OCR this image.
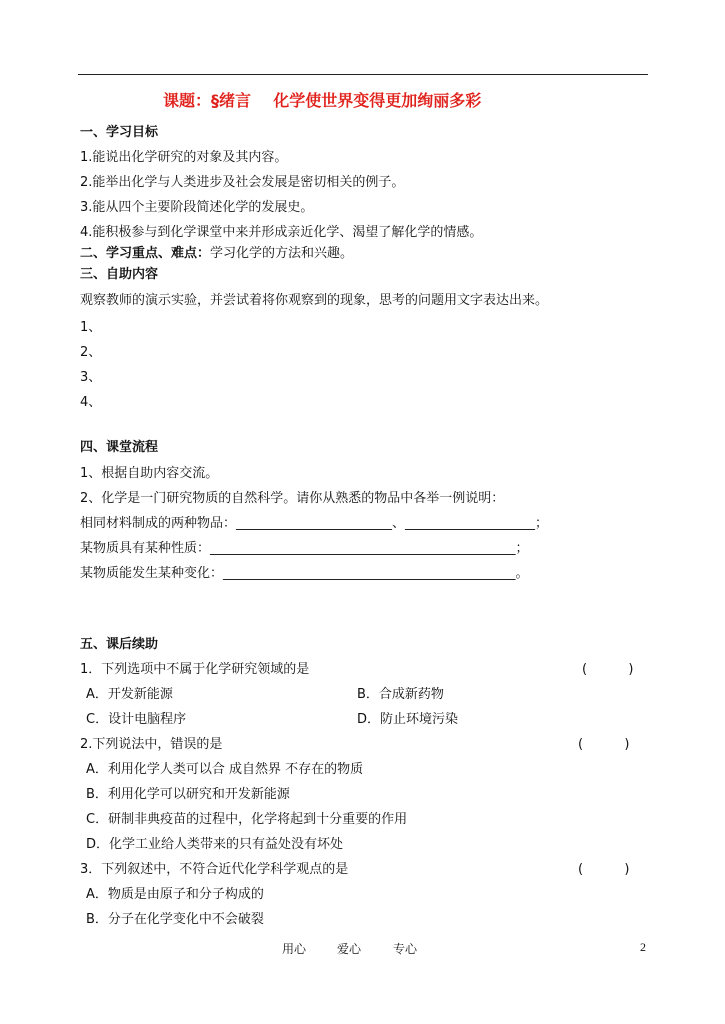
课题：§绪言    化学使世界变得更加绚丽多彩
一、学习目标
1.能说出化学研究的对象及其内容。
2.能举出化学与人类进步及社会发展是密切相关的例子。
3.能从四个主要阶段简述化学的发展史。
4.能积极参与到化学课堂中来并形成亲近化学、渴望了解化学的情感。
二、学习重点、难点：学习化学的方法和兴趣。
三、自助内容
观察教师的演示实验，并尝试着将你观察到的现象，思考的问题用文字表达出来。
1、
2、
3、
4、
四、课堂流程
1、根据自助内容交流。
2、化学是一门研究物质的自然科学。请你从熟悉的物品中各举一例说明：
相同材料制成的两种物品：________________________、____________________；
某物质具有某种性质：_______________________________________________；
某物质能发生某种变化：_____________________________________________。
五、课后续助
1．下列选项中不属于化学研究领域的是	(          )
A．开发新能源	B．合成新药物
C．设计电脑程序	D．防止环境污染
2.下列说法中，错误的是	(          )
A．利用化学人类可以合 成自然界 不存在的物质
B．利用化学可以研究和开发新能源
C．研制非典疫苗的过程中，化学将起到十分重要的作用
D．化学工业给人类带来的只有益处没有坏处
3．下列叙述中，不符合近代化学科学观点的是	(          )
A．物质是由原子和分子构成的
B．分子在化学变化中不会破裂
用心	爱心	专心	2
